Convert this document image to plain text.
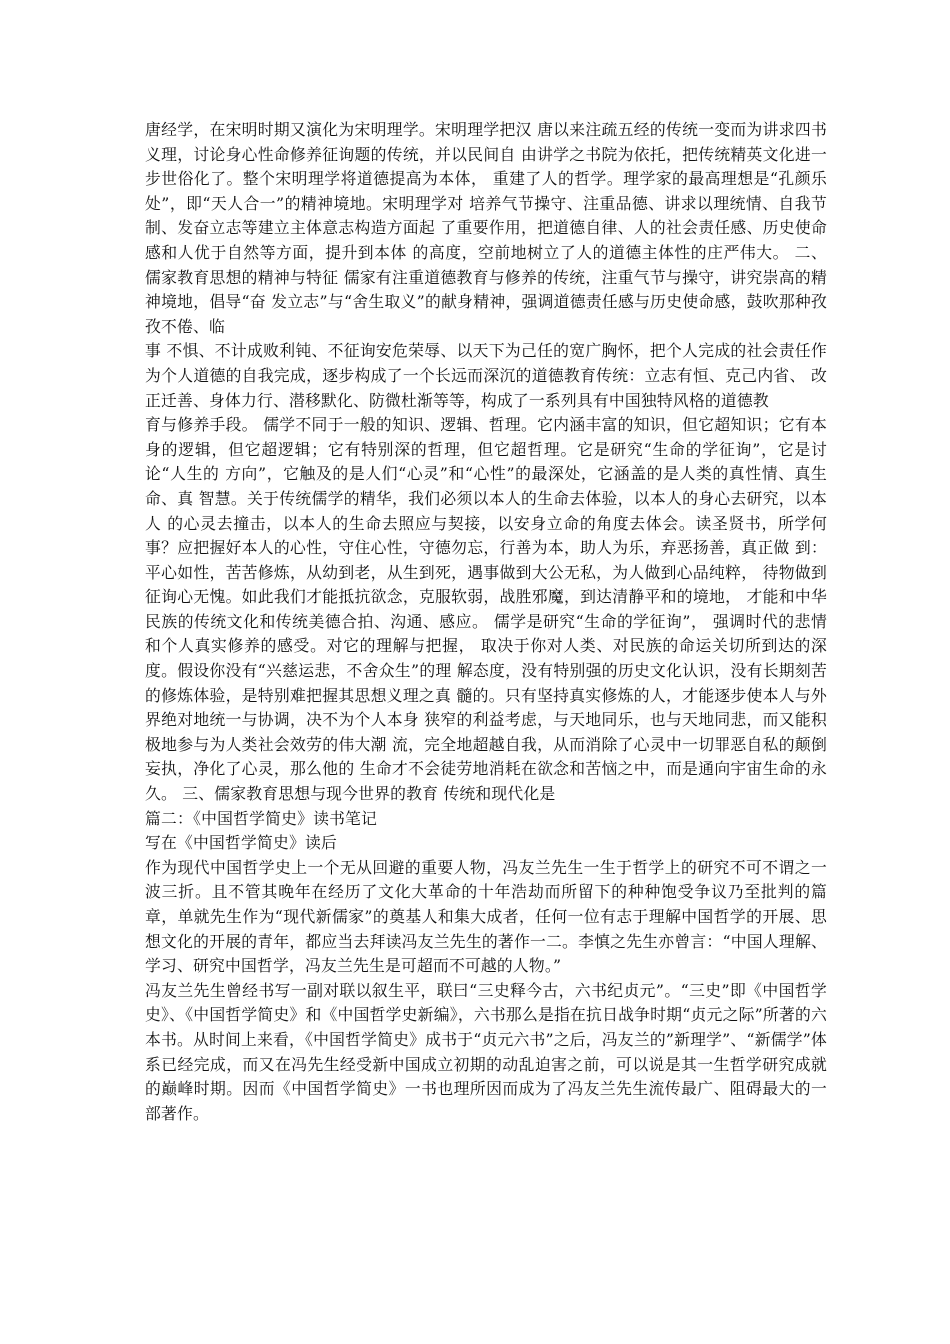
唐经学，在宋明时期又演化为宋明理学。宋明理学把汉 唐以来注疏五经的传统一变而为讲求四书义理，讨论身心性命修养征询题的传统，并以民间自 由讲学之书院为依托，把传统精英文化进一步世俗化了。整个宋明理学将道德提高为本体， 重建了人的哲学。理学家的最高理想是“孔颜乐处”，即“天人合一”的精神境地。宋明理学对 培养气节操守、注重品德、讲求以理统情、自我节制、发奋立志等建立主体意志构造方面起 了重要作用，把道德自律、人的社会责任感、历史使命感和人优于自然等方面，提升到本体 的高度，空前地树立了人的道德主体性的庄严伟大。 二、儒家教育思想的精神与特征 儒家有注重道德教育与修养的传统，注重气节与操守，讲究崇高的精神境地，倡导“奋 发立志”与“舍生取义”的献身精神，强调道德责任感与历史使命感，鼓吹那种孜孜不倦、临

事 不惧、不计成败利钝、不征询安危荣辱、以天下为己任的宽广胸怀，把个人完成的社会责任作 为个人道德的自我完成，逐步构成了一个长远而深沉的道德教育传统：立志有恒、克己内省、 改正迁善、身体力行、潜移默化、防微杜渐等等，构成了一系列具有中国独特风格的道德教

育与修养手段。 儒学不同于一般的知识、逻辑、哲理。它内涵丰富的知识，但它超知识；它有本身的逻辑，但它超逻辑；它有特别深的哲理，但它超哲理。它是研究“生命的学征询”，它是讨论“人生的 方向”，它触及的是人们“心灵”和“心性”的最深处，它涵盖的是人类的真性情、真生命、真 智慧。关于传统儒学的精华，我们必须以本人的生命去体验，以本人的身心去研究，以本人 的心灵去撞击，以本人的生命去照应与契接，以安身立命的角度去体会。读圣贤书，所学何 事？应把握好本人的心性，守住心性，守德勿忘，行善为本，助人为乐，弃恶扬善，真正做 到：平心如性，苦苦修炼，从幼到老，从生到死，遇事做到大公无私，为人做到心品纯粹， 待物做到征询心无愧。如此我们才能抵抗欲念，克服软弱，战胜邪魔，到达清静平和的境地， 才能和中华民族的传统文化和传统美德合拍、沟通、感应。 儒学是研究“生命的学征询”， 强调时代的悲情和个人真实修养的感受。对它的理解与把握， 取决于你对人类、对民族的命运关切所到达的深度。假设你没有“兴慈运悲，不舍众生”的理 解态度，没有特别强的历史文化认识，没有长期刻苦的修炼体验，是特别难把握其思想义理之真 髓的。只有坚持真实修炼的人，才能逐步使本人与外界绝对地统一与协调，决不为个人本身 狭窄的利益考虑，与天地同乐，也与天地同悲，而又能积极地参与为人类社会效劳的伟大潮 流，完全地超越自我，从而消除了心灵中一切罪恶自私的颠倒妄执，净化了心灵，那么他的 生命才不会徒劳地消耗在欲念和苦恼之中，而是通向宇宙生命的永久。 三、儒家教育思想与现今世界的教育 传统和现代化是

篇二：《中国哲学简史》读书笔记

写在《中国哲学简史》读后

作为现代中国哲学史上一个无从回避的重要人物，冯友兰先生一生于哲学上的研究不可不谓之一波三折。且不管其晚年在经历了文化大革命的十年浩劫而所留下的种种饱受争议乃至批判的篇章，单就先生作为“现代新儒家”的奠基人和集大成者，任何一位有志于理解中国哲学的开展、思想文化的开展的青年，都应当去拜读冯友兰先生的著作一二。李慎之先生亦曾言：“中国人理解、学习、研究中国哲学，冯友兰先生是可超而不可越的人物。”

冯友兰先生曾经书写一副对联以叙生平，联曰“三史释今古，六书纪贞元”。“三史”即《中国哲学史》、《中国哲学简史》和《中国哲学史新编》，六书那么是指在抗日战争时期“贞元之际”所著的六本书。从时间上来看，《中国哲学简史》成书于“贞元六书”之后，冯友兰的”新理学”、“新儒学”体系已经完成，而又在冯先生经受新中国成立初期的动乱迫害之前，可以说是其一生哲学研究成就的巅峰时期。因而《中国哲学简史》一书也理所因而成为了冯友兰先生流传最广、阻碍最大的一部著作。
